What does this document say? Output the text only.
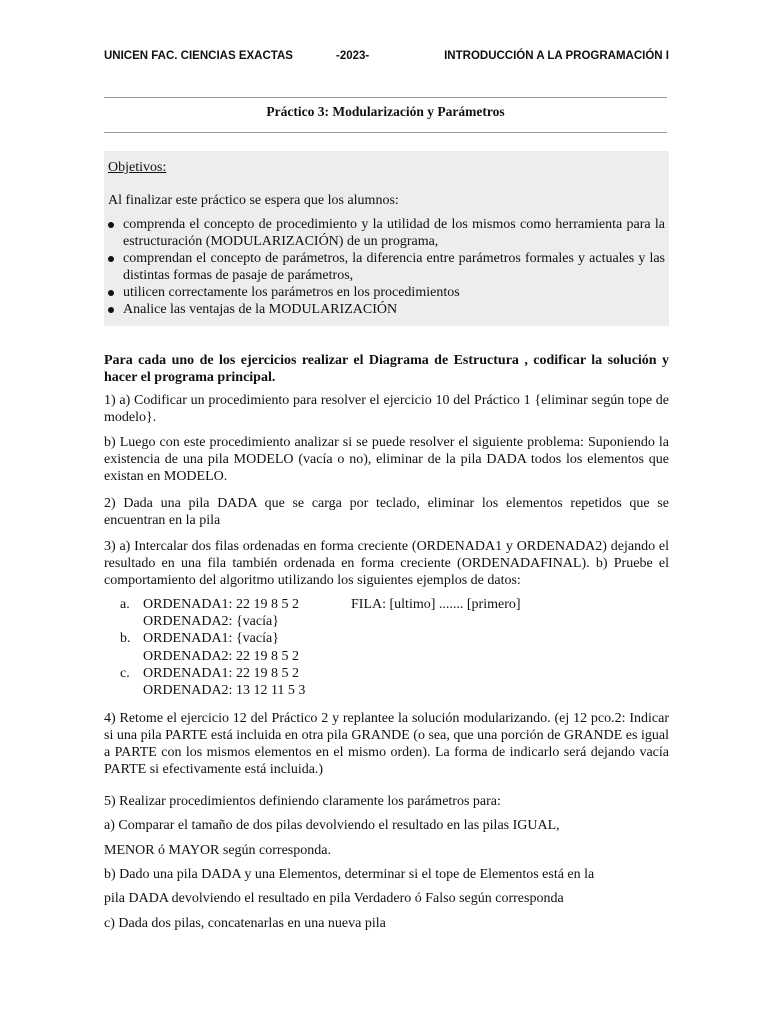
UNICEN FAC. CIENCIAS EXACTAS	-2023-	INTRODUCCIÓN A LA PROGRAMACIÓN I
Práctico 3: Modularización y Parámetros
Objetivos:
Al finalizar este práctico se espera que los alumnos:
comprenda el concepto de procedimiento y la utilidad de los mismos como herramienta para la estructuración (MODULARIZACIÓN) de un programa,
comprendan el concepto de parámetros, la diferencia entre parámetros formales y actuales y las distintas formas de pasaje de parámetros,
utilicen correctamente los parámetros en los procedimientos
Analice las ventajas de la MODULARIZACIÓN
Para cada uno de los ejercicios realizar el Diagrama de Estructura , codificar la solución y hacer el programa principal.
1) a) Codificar un procedimiento para resolver el ejercicio 10 del Práctico 1 {eliminar según tope de modelo}.
b) Luego con este procedimiento analizar si se puede resolver el siguiente problema: Suponiendo la existencia de una pila MODELO (vacía o no), eliminar de la pila DADA todos los elementos que existan en MODELO.
2) Dada una pila DADA que se carga por teclado, eliminar los elementos repetidos que se encuentran en la pila
3) a) Intercalar dos filas ordenadas en forma creciente (ORDENADA1 y ORDENADA2) dejando el resultado en una fila también ordenada en forma creciente (ORDENADAFINAL). b) Pruebe el comportamiento del algoritmo utilizando los siguientes ejemplos de datos:
a. ORDENADA1: 22 19 8 5 2	FILA: [ultimo] ....... [primero]
ORDENADA2: {vacía}
b. ORDENADA1: {vacía}
ORDENADA2: 22 19 8 5 2
c. ORDENADA1: 22 19 8 5 2
ORDENADA2: 13 12 11 5 3
4) Retome el ejercicio 12 del Práctico 2 y replantee la solución modularizando. (ej 12 pco.2: Indicar si una pila PARTE está incluida en otra pila GRANDE (o sea, que una porción de GRANDE es igual a PARTE con los mismos elementos en el mismo orden). La forma de indicarlo será dejando vacía PARTE si efectivamente está incluida.)
5) Realizar procedimientos definiendo claramente los parámetros para:
a) Comparar el tamaño de dos pilas devolviendo el resultado en las pilas IGUAL,
MENOR ó MAYOR según corresponda.
b) Dado una pila DADA y una Elementos, determinar si el tope de Elementos está en la
pila DADA devolviendo el resultado en pila Verdadero ó Falso según corresponda
c) Dada dos pilas, concatenarlas en una nueva pila
